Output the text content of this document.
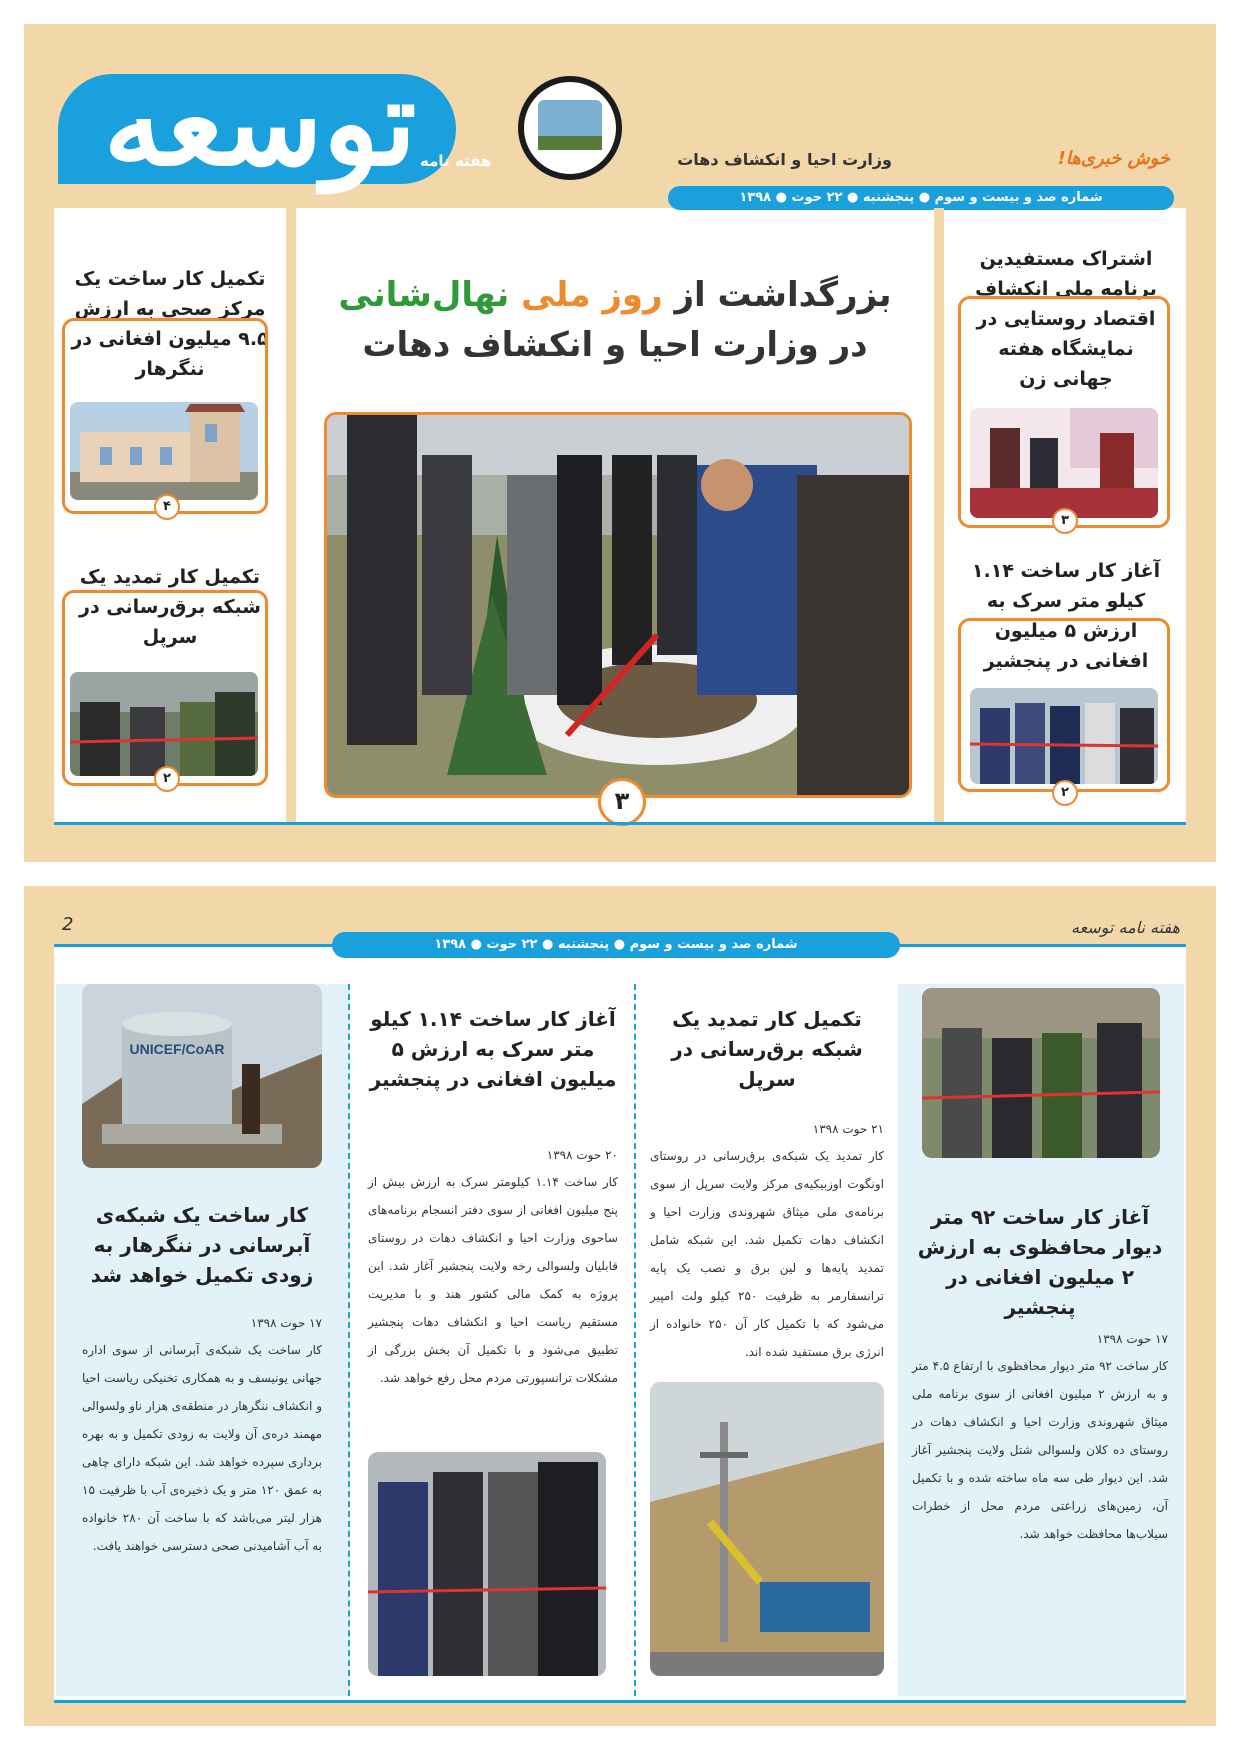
توسعه هفته نامه	وزارت احیا و انکشاف دهات	خوش خبری‌ها!
شماره صد و بیست و سوم ● پنجشنبه ● ۲۲ حوت ● ۱۳۹۸
بزرگداشت از روز ملی نهال‌شانی
در وزارت احیا و انکشاف دهات
۳
تکمیل کار ساخت یک مرکز صحی به ارزش ۹.۵ میلیون افغانی در ننگرهار
۴
تکمیل کار تمدید یک شبکه برق‌رسانی در سرپل
۲
اشتراک مستفیدین برنامه ملی انکشاف اقتصاد روستایی در نمایشگاه هفته جهانی زن
۳
آغاز کار ساخت ۱.۱۴ کیلو متر سرک به ارزش ۵ میلیون افغانی در پنجشیر
۲
هفته نامه توسعه
2
شماره صد و بیست و سوم ● پنجشنبه ● ۲۲ حوت ● ۱۳۹۸
آغاز کار ساخت ۹۲ متر دیوار محافظوی به ارزش ۲ میلیون افغانی در پنجشیر
۱۷ حوت ۱۳۹۸
کار ساخت ۹۲ متر دیوار محافظوی با ارتفاع ۴.۵ متر و به ارزش ۲ میلیون افغانی از سوی برنامه ملی میثاق شهروندی وزارت احیا و انکشاف دهات در روستای ده کلان ولسوالی شتل ولایت پنجشیر آغاز شد. این دیوار طی سه ماه ساخته شده و با تکمیل آن، زمین‌های زراعتی مردم محل از خطرات سیلاب‌ها محافظت خواهد شد.
تکمیل کار تمدید یک شبکه برق‌رسانی در سرپل
۲۱ حوت ۱۳۹۸
کار تمدید یک شبکه‌ی برق‌رسانی در روستای اونگوت اوزبیکیه‌ی مرکز ولایت سرپل از سوی برنامه‌ی ملی میثاق شهروندی وزارت احیا و انکشاف دهات تکمیل شد. این شبکه شامل تمدید پایه‌ها و لین برق و نصب یک پایه ترانسفارمر به ظرفیت ۲۵۰ کیلو ولت امپیر می‌شود که با تکمیل کار آن ۲۵۰ خانواده از انرژی برق مستفید شده اند.
آغاز کار ساخت ۱.۱۴ کیلو متر سرک به ارزش ۵ میلیون افغانی در پنجشیر
۲۰ حوت ۱۳۹۸
کار ساخت ۱.۱۴ کیلومتر سرک به ارزش بیش از پنج میلیون افغانی از سوی دفتر انسجام برنامه‌های ساحوی وزارت احیا و انکشاف دهات در روستای قابلیان ولسوالی رخه ولایت پنجشیر آغاز شد. این پروژه به کمک مالی کشور هند و با مدیریت مستقیم ریاست احیا و انکشاف دهات پنجشیر تطبیق می‌شود و با تکمیل آن بخش بزرگی از مشکلات ترانسپورتی مردم محل رفع خواهد شد.
UNICEF/CoAR
کار ساخت یک شبکه‌ی آبرسانی در ننگرهار به زودی تکمیل خواهد شد
۱۷ حوت ۱۳۹۸
کار ساخت یک شبکه‌ی آبرسانی از سوی اداره جهانی یونیسف و به همکاری تخنیکی ریاست احیا و انکشاف ننگرهار در منطقه‌ی هزار ناو ولسوالی مهمند دره‌ی آن ولایت به زودی تکمیل و به بهره برداری سپرده خواهد شد. این شبکه دارای چاهی به عمق ۱۲۰ متر و یک ذخیره‌ی آب با ظرفیت ۱۵ هزار لیتر می‌باشد که با ساخت آن ۲۸۰ خانواده به آب آشامیدنی صحی دسترسی خواهند یافت.
